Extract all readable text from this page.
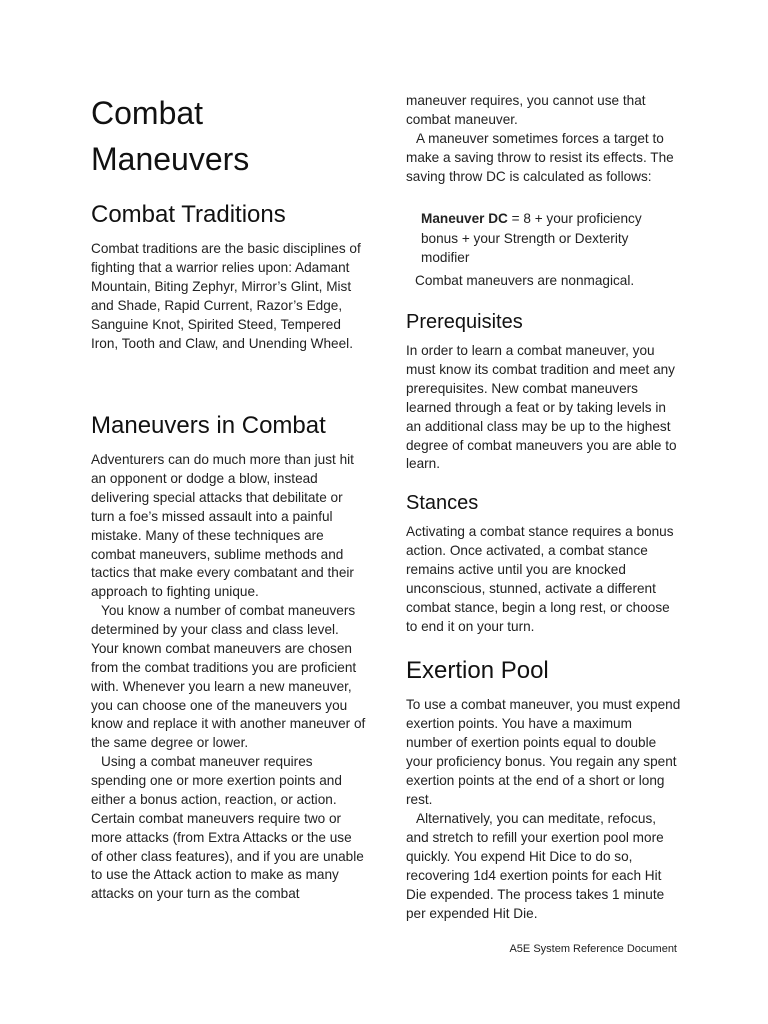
Combat Maneuvers
Combat Traditions

Combat traditions are the basic disciplines of fighting that a warrior relies upon: Adamant Mountain, Biting Zephyr, Mirror’s Glint, Mist and Shade, Rapid Current, Razor’s Edge, Sanguine Knot, Spirited Steed, Tempered Iron, Tooth and Claw, and Unending Wheel.

Maneuvers in Combat

Adventurers can do much more than just hit an opponent or dodge a blow, instead delivering special attacks that debilitate or turn a foe’s missed assault into a painful mistake. Many of these techniques are combat maneuvers, sublime methods and tactics that make every combatant and their approach to fighting unique.

You know a number of combat maneuvers determined by your class and class level. Your known combat maneuvers are chosen from the combat traditions you are proficient with. Whenever you learn a new maneuver, you can choose one of the maneuvers you know and replace it with another maneuver of the same degree or lower.

Using a combat maneuver requires spending one or more exertion points and either a bonus action, reaction, or action. Certain combat maneuvers require two or more attacks (from Extra Attacks or the use of other class features), and if you are unable to use the Attack action to make as many attacks on your turn as the combat

maneuver requires, you cannot use that combat maneuver.

A maneuver sometimes forces a target to make a saving throw to resist its effects. The saving throw DC is calculated as follows:

Maneuver DC = 8 + your proficiency bonus + your Strength or Dexterity modifier

Combat maneuvers are nonmagical.

Prerequisites

In order to learn a combat maneuver, you must know its combat tradition and meet any prerequisites. New combat maneuvers learned through a feat or by taking levels in an additional class may be up to the highest degree of combat maneuvers you are able to learn.

Stances

Activating a combat stance requires a bonus action. Once activated, a combat stance remains active until you are knocked unconscious, stunned, activate a different combat stance, begin a long rest, or choose to end it on your turn.

Exertion Pool

To use a combat maneuver, you must expend exertion points. You have a maximum number of exertion points equal to double your proficiency bonus. You regain any spent exertion points at the end of a short or long rest.

Alternatively, you can meditate, refocus, and stretch to refill your exertion pool more quickly. You expend Hit Dice to do so, recovering 1d4 exertion points for each Hit Die expended. The process takes 1 minute per expended Hit Die.

A5E System Reference Document
